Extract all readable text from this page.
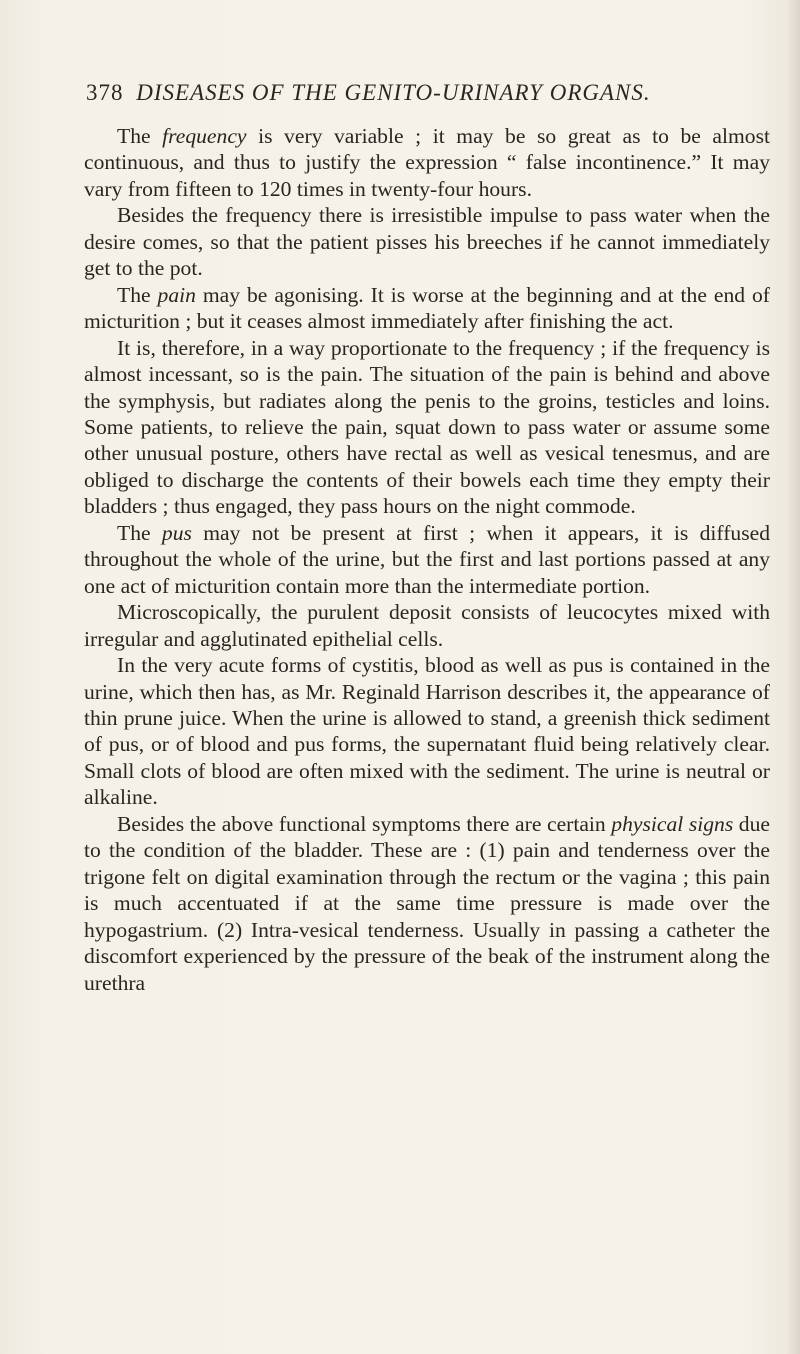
378 DISEASES OF THE GENITO-URINARY ORGANS.

The frequency is very variable ; it may be so great as to be almost continuous, and thus to justify the expression “ false incontinence.” It may vary from fifteen to 120 times in twenty-four hours.

Besides the frequency there is irresistible impulse to pass water when the desire comes, so that the patient pisses his breeches if he cannot immediately get to the pot.

The pain may be agonising. It is worse at the beginning and at the end of micturition ; but it ceases almost immediately after finishing the act.

It is, therefore, in a way proportionate to the frequency ; if the frequency is almost incessant, so is the pain. The situation of the pain is behind and above the symphysis, but radiates along the penis to the groins, testicles and loins. Some patients, to relieve the pain, squat down to pass water or assume some other unusual posture, others have rectal as well as vesical tenesmus, and are obliged to discharge the contents of their bowels each time they empty their bladders ; thus engaged, they pass hours on the night commode.

The pus may not be present at first ; when it appears, it is diffused throughout the whole of the urine, but the first and last portions passed at any one act of micturition contain more than the intermediate portion.

Microscopically, the purulent deposit consists of leucocytes mixed with irregular and agglutinated epithelial cells.

In the very acute forms of cystitis, blood as well as pus is contained in the urine, which then has, as Mr. Reginald Harrison describes it, the appearance of thin prune juice. When the urine is allowed to stand, a greenish thick sediment of pus, or of blood and pus forms, the supernatant fluid being relatively clear. Small clots of blood are often mixed with the sediment. The urine is neutral or alkaline.

Besides the above functional symptoms there are certain physical signs due to the condition of the bladder. These are : (1) pain and tenderness over the trigone felt on digital examination through the rectum or the vagina ; this pain is much accentuated if at the same time pressure is made over the hypogastrium. (2) Intra-vesical tenderness. Usually in passing a catheter the discomfort experienced by the pressure of the beak of the instrument along the urethra
